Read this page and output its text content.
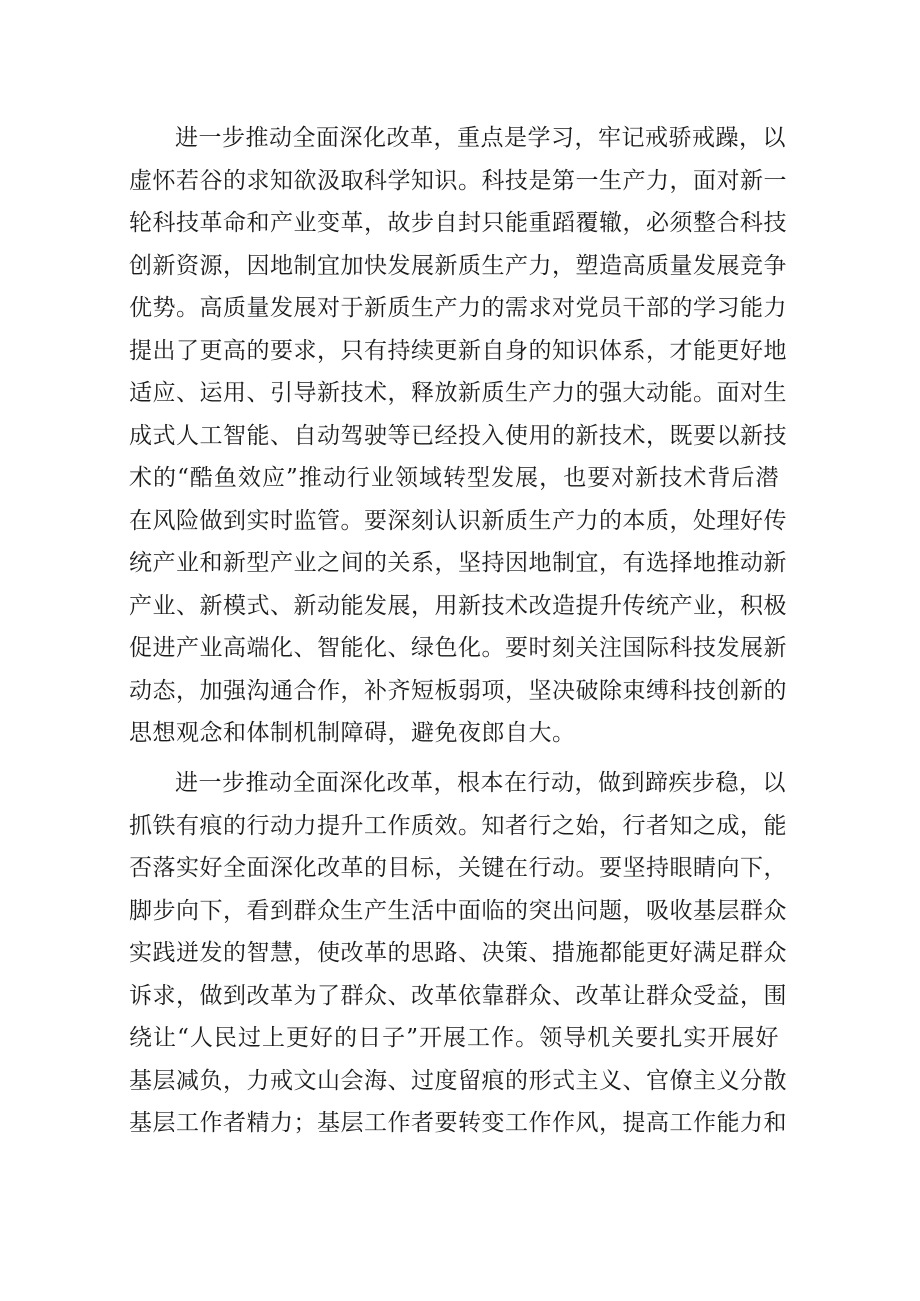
进一步推动全面深化改革，重点是学习，牢记戒骄戒躁，以
虚怀若谷的求知欲汲取科学知识。科技是第一生产力，面对新一
轮科技革命和产业变革，故步自封只能重蹈覆辙，必须整合科技
创新资源，因地制宜加快发展新质生产力，塑造高质量发展竞争
优势。高质量发展对于新质生产力的需求对党员干部的学习能力
提出了更高的要求，只有持续更新自身的知识体系，才能更好地
适应、运用、引导新技术，释放新质生产力的强大动能。面对生
成式人工智能、自动驾驶等已经投入使用的新技术，既要以新技
术的“酷鱼效应”推动行业领域转型发展，也要对新技术背后潜
在风险做到实时监管。要深刻认识新质生产力的本质，处理好传
统产业和新型产业之间的关系，坚持因地制宜，有选择地推动新
产业、新模式、新动能发展，用新技术改造提升传统产业，积极
促进产业高端化、智能化、绿色化。要时刻关注国际科技发展新
动态，加强沟通合作，补齐短板弱项，坚决破除束缚科技创新的
思想观念和体制机制障碍，避免夜郎自大。
进一步推动全面深化改革，根本在行动，做到蹄疾步稳，以
抓铁有痕的行动力提升工作质效。知者行之始，行者知之成，能
否落实好全面深化改革的目标，关键在行动。要坚持眼睛向下，
脚步向下，看到群众生产生活中面临的突出问题，吸收基层群众
实践迸发的智慧，使改革的思路、决策、措施都能更好满足群众
诉求，做到改革为了群众、改革依靠群众、改革让群众受益，围
绕让“人民过上更好的日子”开展工作。领导机关要扎实开展好
基层减负，力戒文山会海、过度留痕的形式主义、官僚主义分散
基层工作者精力；基层工作者要转变工作作风，提高工作能力和
